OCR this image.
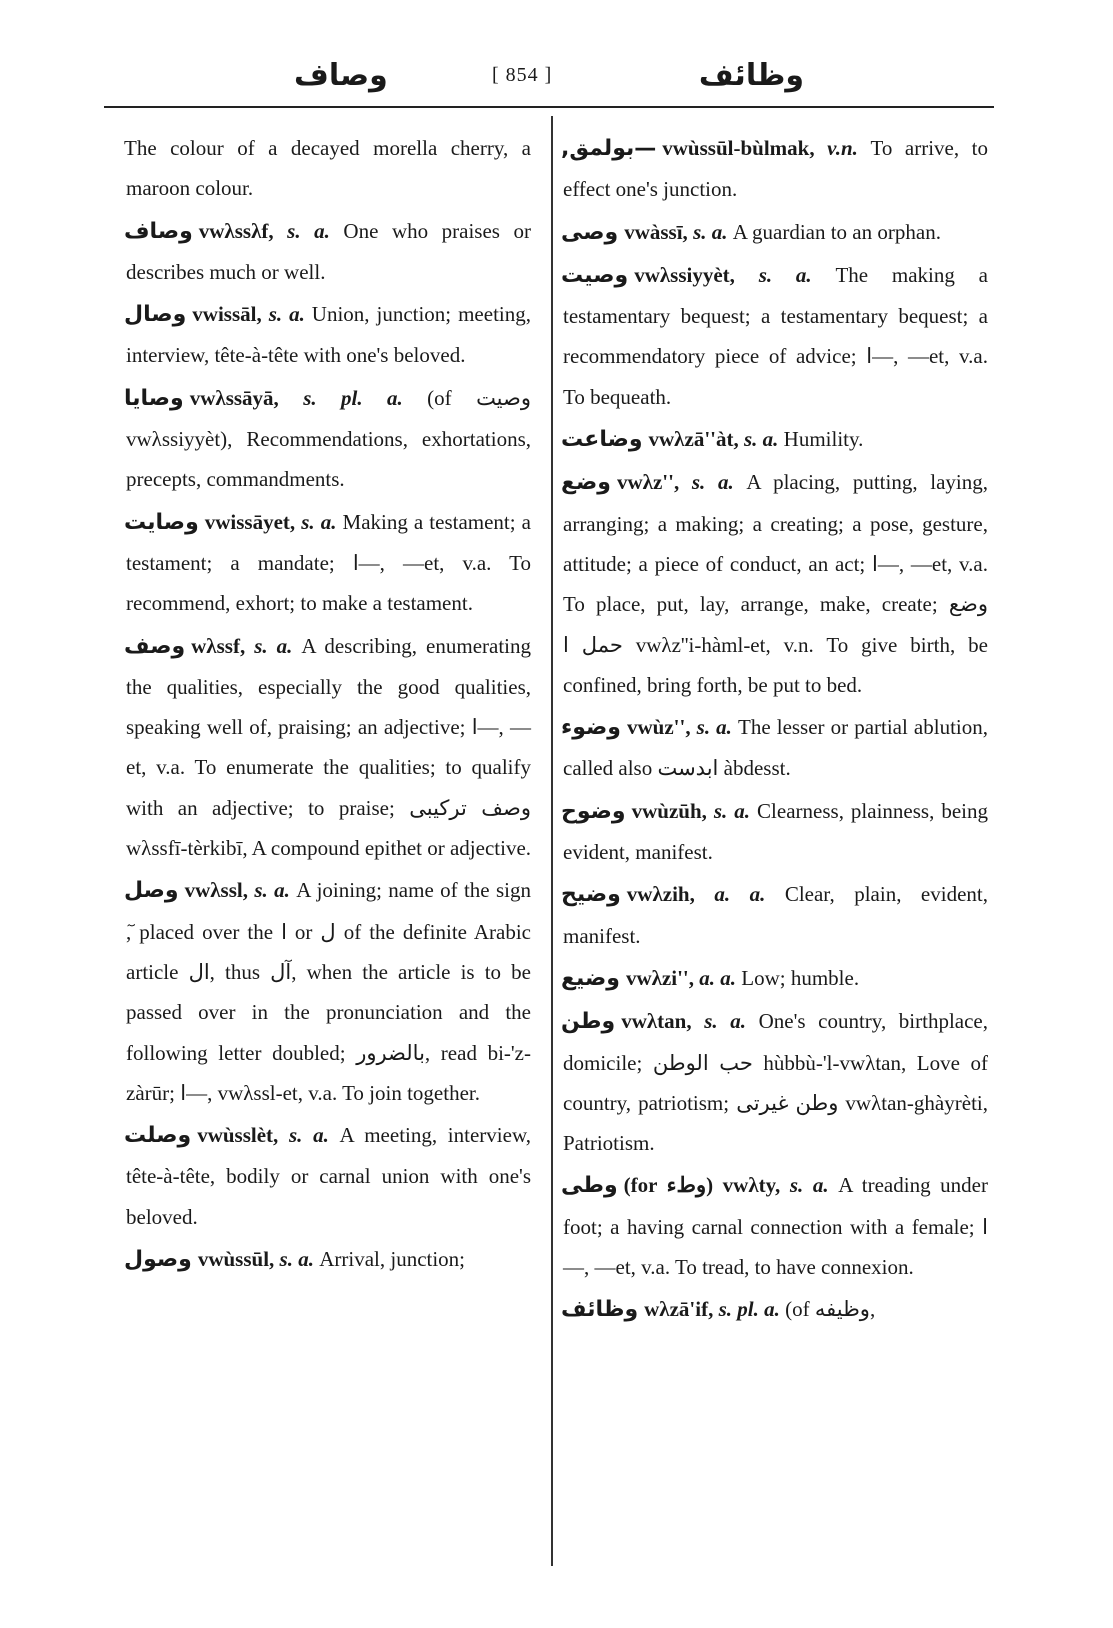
وصاف	[ 854 ]	وظائف

The colour of a decayed morella cherry, a maroon colour.

وصاف vwλssλf, s. a. One who praises or describes much or well.

وصال vwissāl, s. a. Union, junction; meeting, interview, tête-à-tête with one's beloved.

وصايا vwλssāyā, s. pl. a. (of وصيت vwλssiyyèt), Recommendations, exhortations, precepts, commandments.

وصايت vwissāyet, s. a. Making a testament; a testament; a mandate; ا—, —et, v.a. To recommend, exhort; to make a testament.

وصف wλssf, s. a. A describing, enumerating the qualities, especially the good qualities, speaking well of, praising; an adjective; ا—, —et, v.a. To enumerate the qualities; to qualify with an adjective; to praise; وصف تركيبى wλssfī-tèrkibī, A compound epithet or adjective.

وصل vwλssl, s. a. A joining; name of the sign ٓ, placed over the ا or ل of the definite Arabic article ال, thus آل, when the article is to be passed over in the pronunciation and the following letter doubled; بالضرور, read bi-'z-zàrūr; ا—, vwλssl-et, v.a. To join together.

وصلت vwùsslèt, s. a. A meeting, interview, tête-à-tête, bodily or carnal union with one's beloved.

وصول vwùssūl, s. a. Arrival, junction;

—بولمق, vwùssūl-bùlmak, v.n. To arrive, to effect one's junction.

وصى vwàssī, s. a. A guardian to an orphan.

وصيت vwλssiyyèt, s. a. The making a testamentary bequest; a testamentary bequest; a recommendatory piece of advice; ا—, —et, v.a. To bequeath.

وضاعت vwλzā''àt, s. a. Humility.

وضع vwλz'', s. a. A placing, putting, laying, arranging; a making; a creating; a pose, gesture, attitude; a piece of conduct, an act; ا—, —et, v.a. To place, put, lay, arrange, make, create; وضع حمل ا vwλz''i-hàml-et, v.n. To give birth, be confined, bring forth, be put to bed.

وضوء vwùz'', s. a. The lesser or partial ablution, called also ابدست àbdesst.

وضوح vwùzūh, s. a. Clearness, plainness, being evident, manifest.

وضيح vwλzih, a. a. Clear, plain, evident, manifest.

وضيع vwλzi'', a. a. Low; humble.

وطن vwλtan, s. a. One's country, birthplace, domicile; حب الوطن hùbbù-'l-vwλtan, Love of country, patriotism; وطن غيرتى vwλtan-ghàyrèti, Patriotism.

وطى (for وطء) vwλty, s. a. A treading under foot; a having carnal connection with a female; ا—, —et, v.a. To tread, to have connexion.

وظائف wλzā'if, s. pl. a. (of وظيفه,
